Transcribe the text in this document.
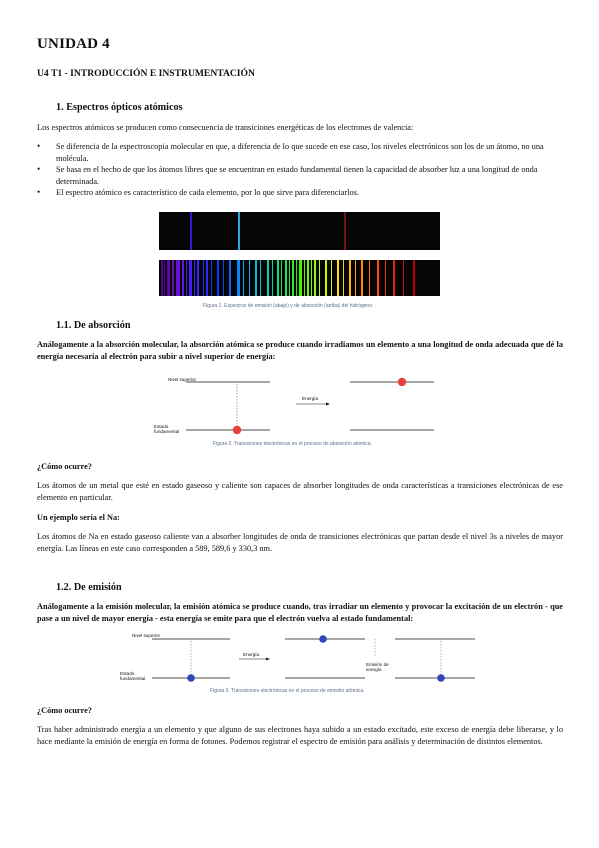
UNIDAD 4
U4 T1 - INTRODUCCIÓN E INSTRUMENTACIÓN
1. Espectros ópticos atómicos
Los espectros atómicos se producen como consecuencia de transiciones energéticas de los electrones de valencia:
• Se diferencia de la espectroscopia molecular en que, a diferencia de lo que sucede en ese caso, los niveles electrónicos son los de un átomo, no una molécula.
• Se basa en el hecho de que los átomos libres que se encuentran en estado fundamental tienen la capacidad de absorber luz a una longitud de onda determinada.
• El espectro atómico es característico de cada elemento, por lo que sirve para diferenciarlos.
Figura 1. Espectros de emisión (abajo) y de absorción (arriba) del hidrógeno.
1.1. De absorción
Análogamente a la absorción molecular, la absorción atómica se produce cuando irradiamos un elemento a una longitud de onda adecuada que dé la energía necesaria al electrón para subir a nivel superior de energía:
Nivel superior
Estado fundamental
Energía
Figura 2. Transiciones electrónicas en el proceso de absorción atómica.
¿Cómo ocurre?
Los átomos de un metal que esté en estado gaseoso y caliente son capaces de absorber longitudes de onda características a transiciones electrónicas de ese elemento en particular.
Un ejemplo sería el Na:
Los átomos de Na en estado gaseoso caliente van a absorber longitudes de onda de transiciones electrónicas que partan desde el nivel 3s a niveles de mayor energía. Las líneas en este caso corresponden a 589, 589,6 y 330,3 nm.
1.2. De emisión
Análogamente a la emisión molecular, la emisión atómica se produce cuando, tras irradiar un elemento y provocar la excitación de un electrón - que pase a un nivel de mayor energía - esta energía se emite para que el electrón vuelva al estado fundamental:
Nivel superior
Estado fundamental
Energía
Emisión de energía
Figura 3. Transiciones electrónicas en el proceso de emisión atómica.
¿Cómo ocurre?
Tras haber administrado energía a un elemento y que alguno de sus electrones haya subido a un estado excitado, este exceso de energía debe liberarse, y lo hace mediante la emisión de energía en forma de fotones. Podemos registrar el espectro de emisión para análisis y determinación de distintos elementos.
